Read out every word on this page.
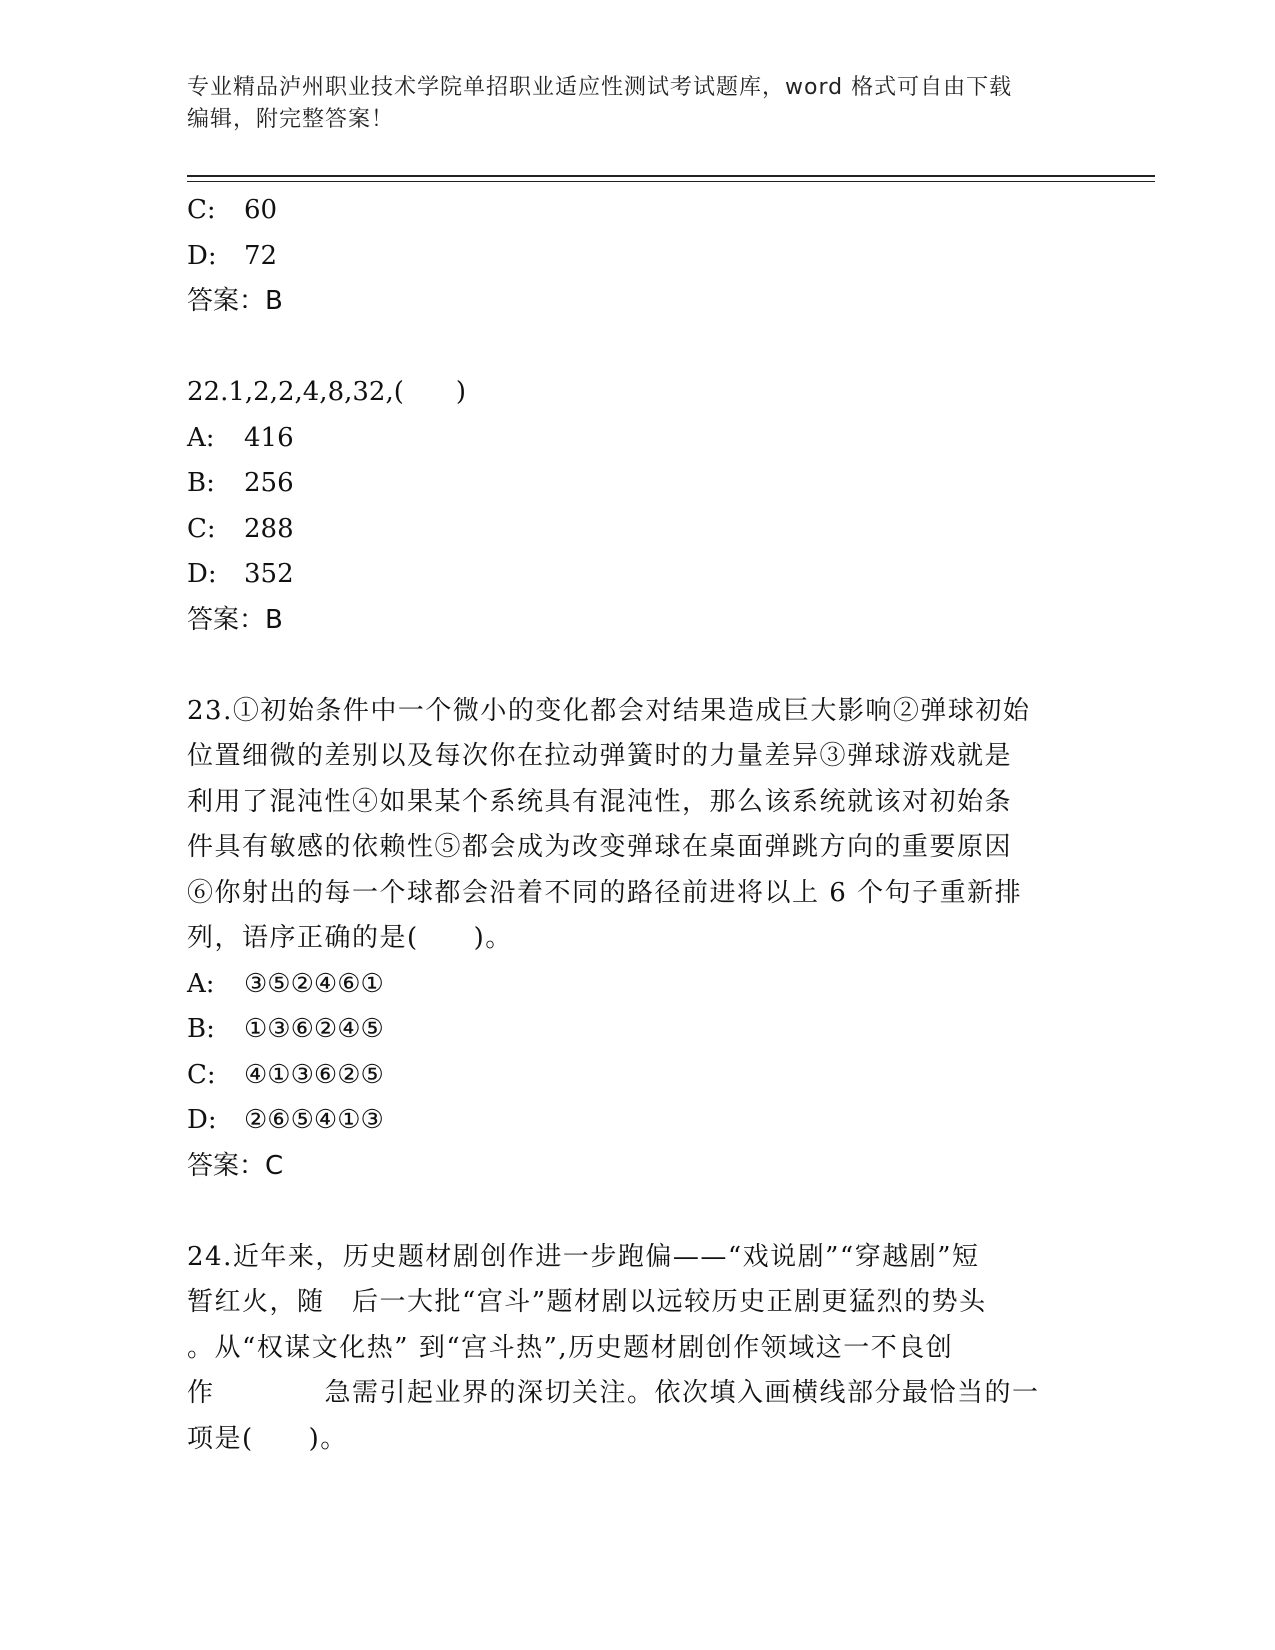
专业精品泸州职业技术学院单招职业适应性测试考试题库，word 格式可自由下载
编辑，附完整答案！
C: 60
D: 72
答案：B
22.1,2,2,4,8,32,(　　)
A: 416
B: 256
C: 288
D: 352
答案：B
23.①初始条件中一个微小的变化都会对结果造成巨大影响②弹球初始
位置细微的差别以及每次你在拉动弹簧时的力量差异③弹球游戏就是
利用了混沌性④如果某个系统具有混沌性，那么该系统就该对初始条
件具有敏感的依赖性⑤都会成为改变弹球在桌面弹跳方向的重要原因
⑥你射出的每一个球都会沿着不同的路径前进将以上 6 个句子重新排
列，语序正确的是(　　)。
A: ③⑤②④⑥①
B: ①③⑥②④⑤
C: ④①③⑥②⑤
D: ②⑥⑤④①③
答案：C
24.近年来，历史题材剧创作进一步跑偏——“戏说剧”“穿越剧”短
暂红火，随　后一大批“宫斗”题材剧以远较历史正剧更猛烈的势头
。从“权谋文化热” 到“宫斗热”,历史题材剧创作领域这一不良创
作　　　　急需引起业界的深切关注。依次填入画横线部分最恰当的一
项是(　　)。
